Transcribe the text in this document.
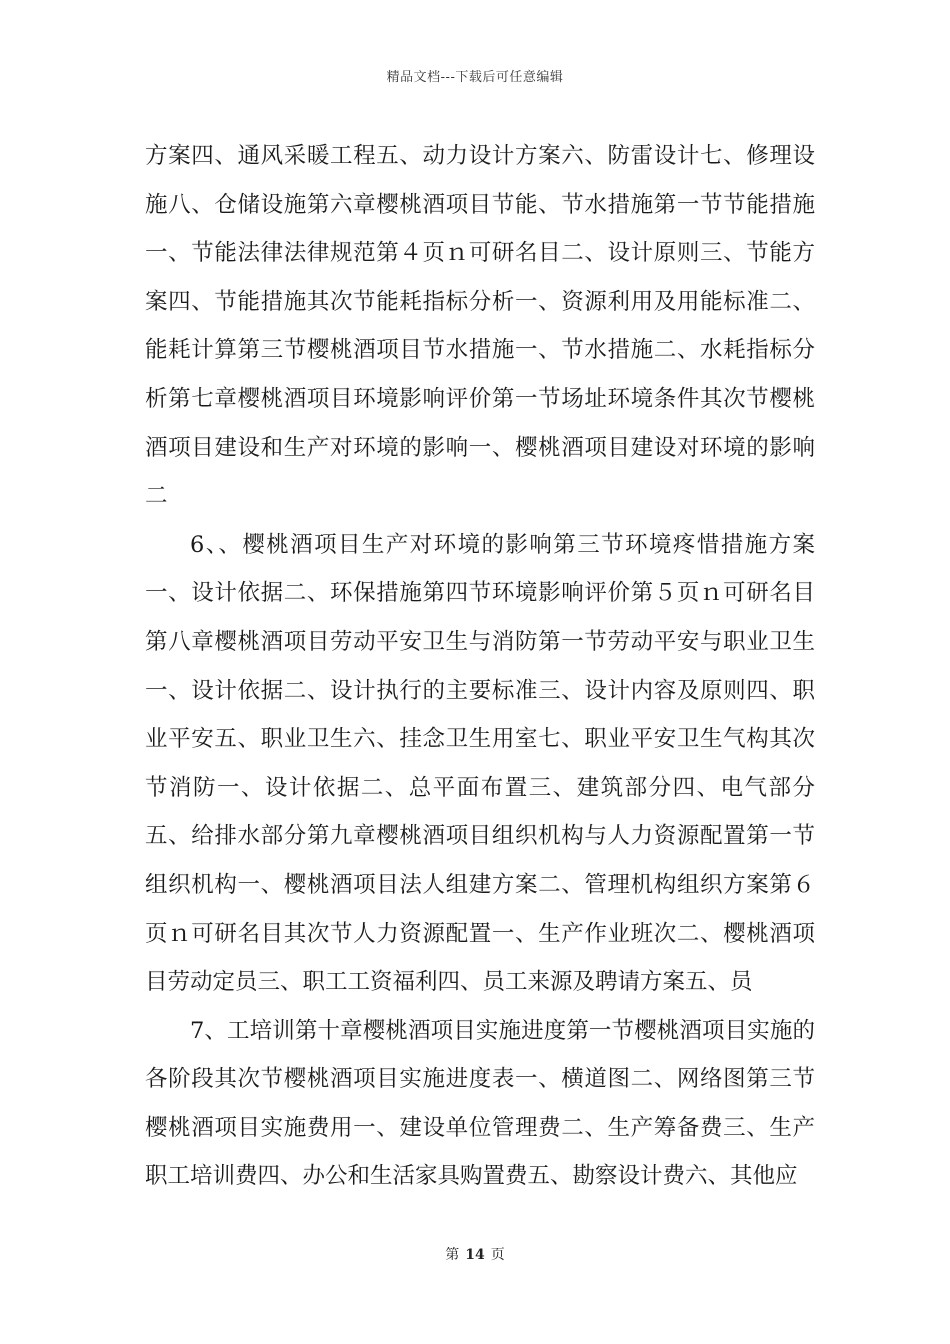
精品文档---下载后可任意编辑

方案四、通风采暖工程五、动力设计方案六、防雷设计七、修理设施八、仓储设施第六章樱桃酒项目节能、节水措施第一节节能措施一、节能法律法律规范第４页ｎ可研名目二、设计原则三、节能方案四、节能措施其次节能耗指标分析一、资源利用及用能标准二、能耗计算第三节樱桃酒项目节水措施一、节水措施二、水耗指标分析第七章樱桃酒项目环境影响评价第一节场址环境条件其次节樱桃酒项目建设和生产对环境的影响一、樱桃酒项目建设对环境的影响二

6、、樱桃酒项目生产对环境的影响第三节环境疼惜措施方案一、设计依据二、环保措施第四节环境影响评价第５页ｎ可研名目第八章樱桃酒项目劳动平安卫生与消防第一节劳动平安与职业卫生一、设计依据二、设计执行的主要标准三、设计内容及原则四、职业平安五、职业卫生六、挂念卫生用室七、职业平安卫生气构其次节消防一、设计依据二、总平面布置三、建筑部分四、电气部分五、给排水部分第九章樱桃酒项目组织机构与人力资源配置第一节组织机构一、樱桃酒项目法人组建方案二、管理机构组织方案第６页ｎ可研名目其次节人力资源配置一、生产作业班次二、樱桃酒项目劳动定员三、职工工资福利四、员工来源及聘请方案五、员

7、工培训第十章樱桃酒项目实施进度第一节樱桃酒项目实施的各阶段其次节樱桃酒项目实施进度表一、横道图二、网络图第三节樱桃酒项目实施费用一、建设单位管理费二、生产筹备费三、生产职工培训费四、办公和生活家具购置费五、勘察设计费六、其他应

第 14 页
